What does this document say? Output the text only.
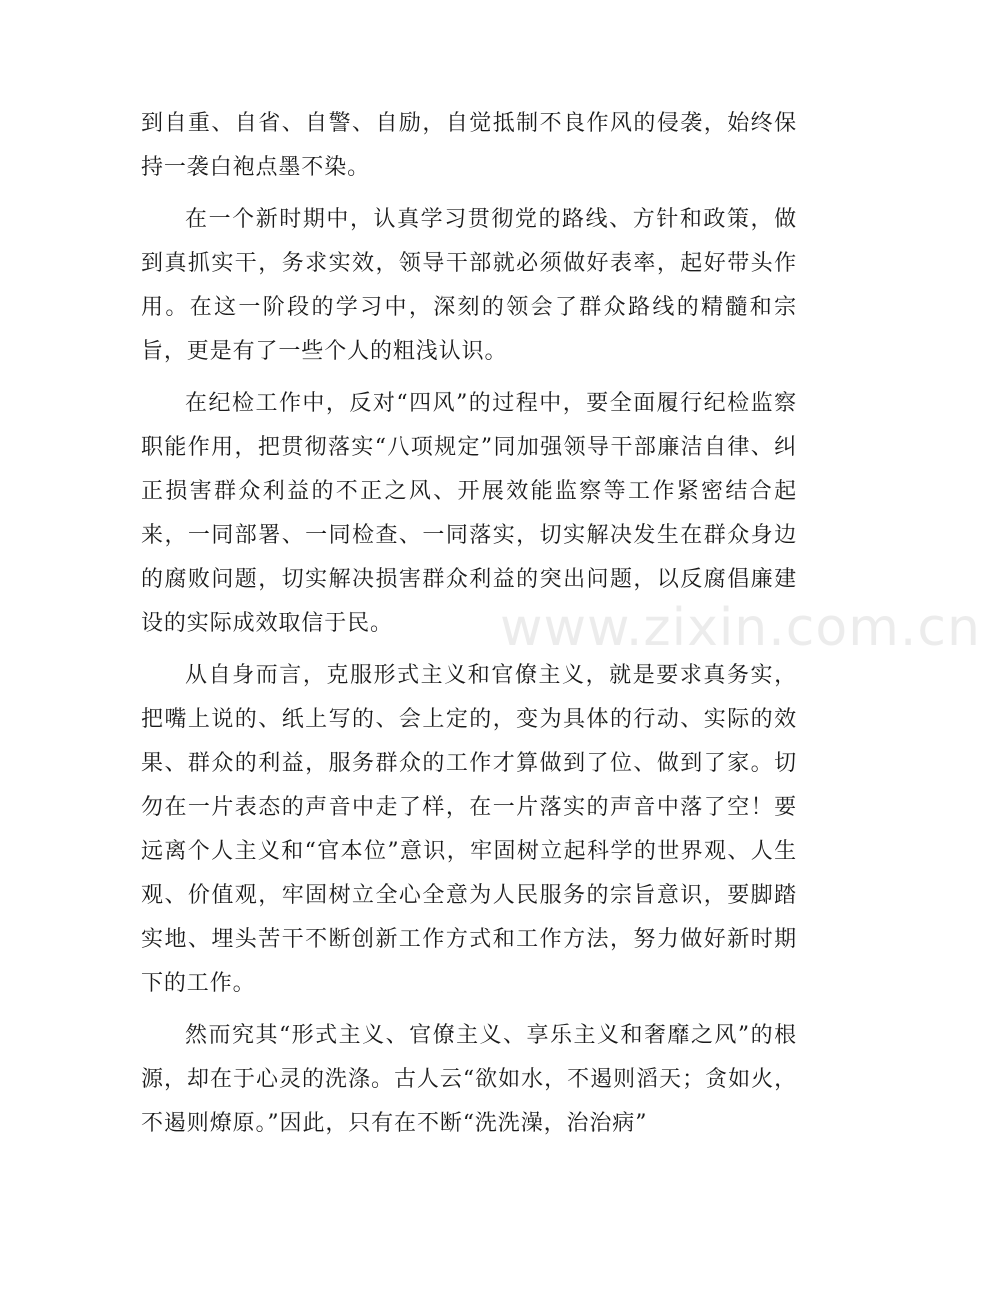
到自重、自省、自警、自励，自觉抵制不良作风的侵袭，始终保持一袭白袍点墨不染。

在一个新时期中，认真学习贯彻党的路线、方针和政策，做到真抓实干，务求实效，领导干部就必须做好表率，起好带头作用。在这一阶段的学习中，深刻的领会了群众路线的精髓和宗旨，更是有了一些个人的粗浅认识。

在纪检工作中，反对“四风”的过程中，要全面履行纪检监察职能作用，把贯彻落实“八项规定”同加强领导干部廉洁自律、纠正损害群众利益的不正之风、开展效能监察等工作紧密结合起来，一同部署、一同检查、一同落实，切实解决发生在群众身边的腐败问题，切实解决损害群众利益的突出问题，以反腐倡廉建设的实际成效取信于民。

从自身而言，克服形式主义和官僚主义，就是要求真务实，把嘴上说的、纸上写的、会上定的，变为具体的行动、实际的效果、群众的利益，服务群众的工作才算做到了位、做到了家。切勿在一片表态的声音中走了样，在一片落实的声音中落了空！要远离个人主义和“官本位”意识，牢固树立起科学的世界观、人生观、价值观，牢固树立全心全意为人民服务的宗旨意识，要脚踏实地、埋头苦干不断创新工作方式和工作方法，努力做好新时期下的工作。

然而究其“形式主义、官僚主义、享乐主义和奢靡之风”的根源，却在于心灵的洗涤。古人云“欲如水，不遏则滔天；贪如火，不遏则燎原。”因此，只有在不断“洗洗澡，治治病”

www.zixin.com.cn
